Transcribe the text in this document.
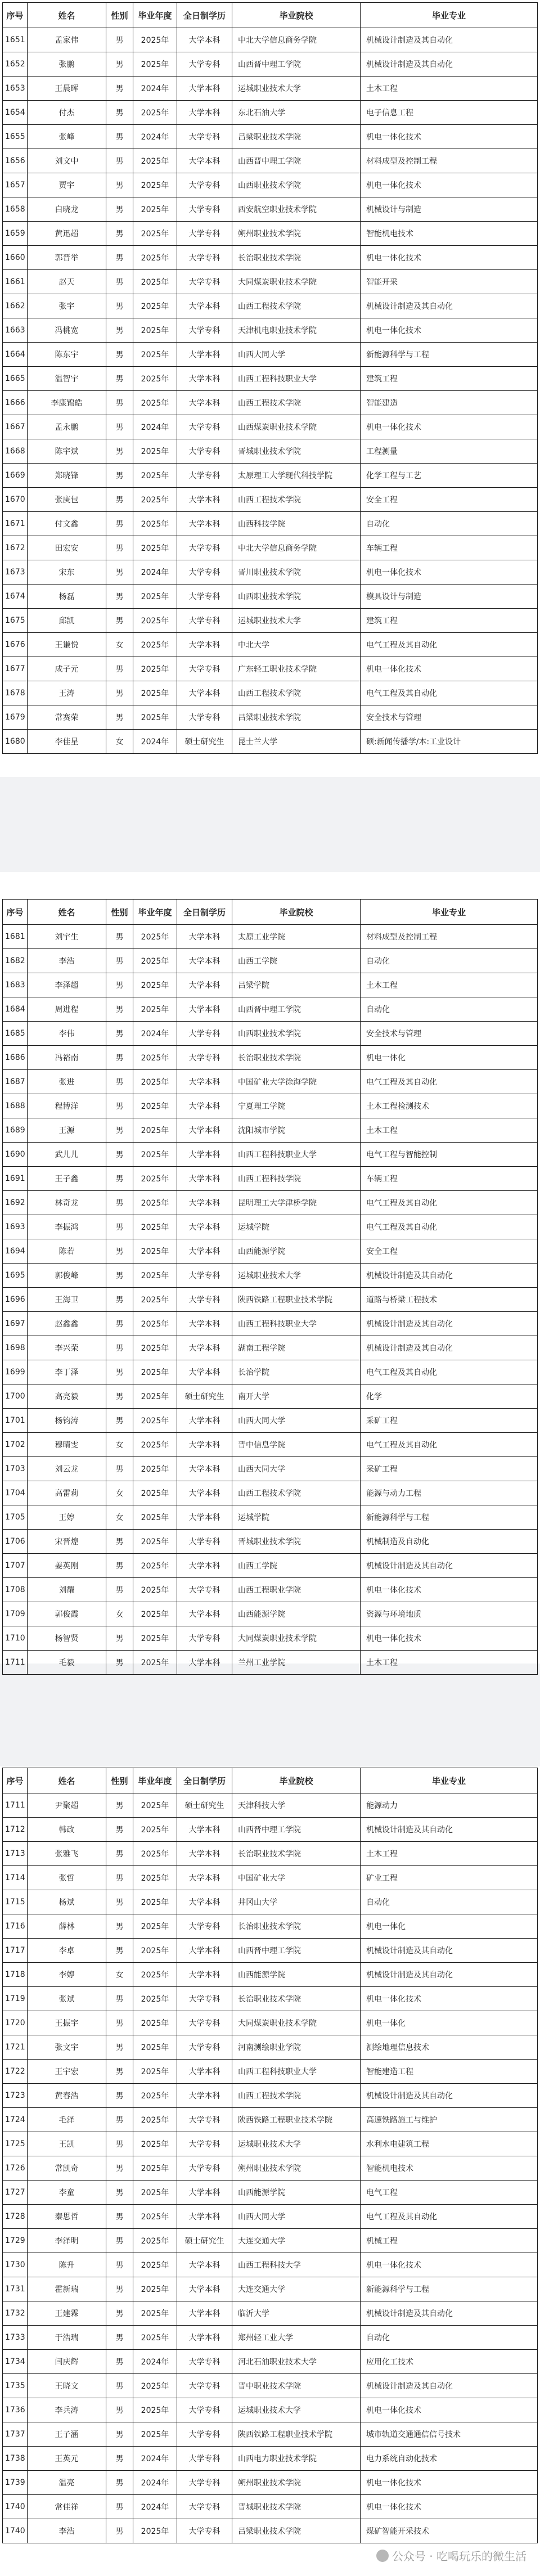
序号	姓名	性别	毕业年度	全日制学历	毕业院校	毕业专业
1651	孟家伟	男	2025年	大学本科	中北大学信息商务学院	机械设计制造及其自动化
1652	张鹏	男	2025年	大学专科	山西晋中理工学院	机械设计制造及其自动化
1653	王晨晖	男	2024年	大学本科	运城职业技术大学	土木工程
1654	付杰	男	2025年	大学本科	东北石油大学	电子信息工程
1655	张峰	男	2024年	大学专科	吕梁职业技术学院	机电一体化技术
1656	刘文中	男	2025年	大学本科	山西晋中理工学院	材料成型及控制工程
1657	贾宇	男	2025年	大学专科	山西职业技术学院	机电一体化技术
1658	白晓龙	男	2025年	大学专科	西安航空职业技术学院	机械设计与制造
1659	黄迅超	男	2025年	大学专科	朔州职业技术学院	智能机电技术
1660	郭晋举	男	2025年	大学专科	长治职业技术学院	机电一体化技术
1661	赵天	男	2025年	大学专科	大同煤炭职业技术学院	智能开采
1662	张宇	男	2025年	大学本科	山西工程技术学院	机械设计制造及其自动化
1663	冯桃宽	男	2025年	大学专科	天津机电职业技术学院	机电一体化技术
1664	陈东宇	男	2025年	大学本科	山西大同大学	新能源科学与工程
1665	温智宇	男	2025年	大学本科	山西工程科技职业大学	建筑工程
1666	李康锦皓	男	2025年	大学本科	山西工程技术学院	智能建造
1667	孟永鹏	男	2024年	大学专科	山西煤炭职业技术学院	机电一体化技术
1668	陈宇斌	男	2025年	大学专科	晋城职业技术学院	工程测量
1669	郑晓锋	男	2025年	大学专科	太原理工大学现代科技学院	化学工程与工艺
1670	张庚包	男	2025年	大学本科	山西工程技术学院	安全工程
1671	付文鑫	男	2025年	大学本科	山西科技学院	自动化
1672	田宏安	男	2025年	大学专科	中北大学信息商务学院	车辆工程
1673	宋东	男	2024年	大学专科	晋川职业技术学院	机电一体化技术
1674	杨磊	男	2025年	大学专科	山西职业技术学院	模具设计与制造
1675	邱凯	男	2025年	大学专科	运城职业技术大学	建筑工程
1676	王谦悦	女	2025年	大学本科	中北大学	电气工程及其自动化
1677	成子元	男	2025年	大学专科	广东轻工职业技术学院	机电一体化技术
1678	王涛	男	2025年	大学本科	山西工程技术学院	电气工程及其自动化
1679	常赛荣	男	2025年	大学专科	吕梁职业技术学院	安全技术与管理
1680	李佳星	女	2024年	硕士研究生	昆士兰大学	硕:新闻传播学/本:工业设计
序号	姓名	性别	毕业年度	全日制学历	毕业院校	毕业专业
1681	刘宇生	男	2025年	大学本科	太原工业学院	材料成型及控制工程
1682	李浩	男	2025年	大学本科	山西工学院	自动化
1683	李泽超	男	2025年	大学本科	吕梁学院	土木工程
1684	周进程	男	2025年	大学本科	山西晋中理工学院	自动化
1685	李伟	男	2024年	大学专科	山西职业技术学院	安全技术与管理
1686	冯裕南	男	2025年	大学专科	长治职业技术学院	机电一体化
1687	张进	男	2025年	大学本科	中国矿业大学徐海学院	电气工程及其自动化
1688	程博洋	男	2025年	大学本科	宁夏理工学院	土木工程检测技术
1689	王源	男	2025年	大学本科	沈阳城市学院	土木工程
1690	武儿儿	男	2025年	大学本科	山西工程科技职业大学	电气工程与智能控制
1691	王子鑫	男	2025年	大学本科	山西工程科技学院	车辆工程
1692	林奇龙	男	2025年	大学本科	昆明理工大学津桥学院	电气工程及其自动化
1693	李振鸿	男	2025年	大学本科	运城学院	电气工程及其自动化
1694	陈若	男	2025年	大学本科	山西能源学院	安全工程
1695	郭俊峰	男	2025年	大学专科	运城职业技术大学	机械设计制造及其自动化
1696	王海卫	男	2025年	大学专科	陕西铁路工程职业技术学院	道路与桥梁工程技术
1697	赵鑫鑫	男	2025年	大学本科	山西工程科技职业大学	机械设计制造及其自动化
1698	李兴荣	男	2025年	大学本科	湖南工程学院	机械设计制造及其自动化
1699	李丁泽	男	2025年	大学本科	长治学院	电气工程及其自动化
1700	高亮毅	男	2025年	硕士研究生	南开大学	化学
1701	杨钧涛	男	2025年	大学本科	山西大同大学	采矿工程
1702	穆晴雯	女	2025年	大学本科	晋中信息学院	电气工程及其自动化
1703	刘云龙	男	2025年	大学本科	山西大同大学	采矿工程
1704	高雷莉	女	2025年	大学本科	山西工程技术学院	能源与动力工程
1705	王婷	女	2025年	大学本科	运城学院	新能源科学与工程
1706	宋晋煌	男	2025年	大学专科	晋城职业技术学院	机械制造及自动化
1707	姜英刚	男	2025年	大学本科	山西工学院	机械设计制造及其自动化
1708	刘耀	男	2025年	大学专科	山西工程职业学院	机电一体化技术
1709	郭俊霞	女	2025年	大学本科	山西能源学院	资源与环境地质
1710	杨智贤	男	2025年	大学专科	大同煤炭职业技术学院	机电一体化技术
1711	毛毅	男	2025年	大学本科	兰州工业学院	土木工程
序号	姓名	性别	毕业年度	全日制学历	毕业院校	毕业专业
1711	尹聚超	男	2025年	硕士研究生	天津科技大学	能源动力
1712	韩政	男	2025年	大学本科	山西晋中理工学院	机械设计制造及其自动化
1713	张雅飞	男	2025年	大学本科	长治职业技术学院	土木工程
1714	张哲	男	2025年	大学本科	中国矿业大学	矿业工程
1715	杨斌	男	2025年	大学本科	井冈山大学	自动化
1716	薛林	男	2025年	大学专科	长治职业技术学院	机电一体化
1717	李卓	男	2025年	大学本科	山西晋中理工学院	机械设计制造及其自动化
1718	李婷	女	2025年	大学本科	山西能源学院	机械设计制造及其自动化
1719	张斌	男	2025年	大学专科	长治职业技术学院	机电一体化技术
1720	王振宇	男	2025年	大学专科	大同煤炭职业技术学院	机电一体化
1721	张文宇	男	2025年	大学专科	河南测绘职业学院	测绘地理信息技术
1722	王宇宏	男	2025年	大学本科	山西工程科技职业大学	智能建造工程
1723	黄春浩	男	2025年	大学本科	山西工程技术学院	机械设计制造及其自动化
1724	毛泽	男	2025年	大学专科	陕西铁路工程职业技术学院	高速铁路施工与维护
1725	王凯	男	2025年	大学专科	运城职业技术大学	水利水电建筑工程
1726	常凯奇	男	2025年	大学专科	朔州职业技术学院	智能机电技术
1727	李童	男	2025年	大学本科	山西能源学院	电气工程
1728	秦思哲	男	2025年	大学本科	山西大同大学	电气工程及其自动化
1729	李泽明	男	2025年	硕士研究生	大连交通大学	机械工程
1730	陈升	男	2025年	大学本科	山西工程科技大学	机电一体化技术
1731	霍新瑞	男	2025年	大学本科	大连交通大学	新能源科学与工程
1732	王建霖	男	2025年	大学本科	临沂大学	机械设计制造及其自动化
1733	于浩瑞	男	2025年	大学本科	郑州轻工业大学	自动化
1734	闫庆辉	男	2024年	大学专科	河北石油职业技术大学	应用化工技术
1735	王晓文	男	2025年	大学专科	晋中职业技术学院	机械设计制造及其自动化
1736	李兵涛	男	2025年	大学专科	运城职业技术大学	机电一体化技术
1737	王子涵	男	2025年	大学专科	陕西铁路工程职业技术学院	城市轨道交通通信信号技术
1738	王英元	男	2024年	大学专科	山西电力职业技术学院	电力系统自动化技术
1739	温亮	男	2024年	大学专科	朔州职业技术学院	机电一体化技术
1740	常佳祥	男	2024年	大学专科	晋城职业技术学院	机电一体化技术
1740	李浩	男	2025年	大学专科	吕梁职业技术学院	煤矿智能开采技术
公众号 · 吃喝玩乐的微生活
